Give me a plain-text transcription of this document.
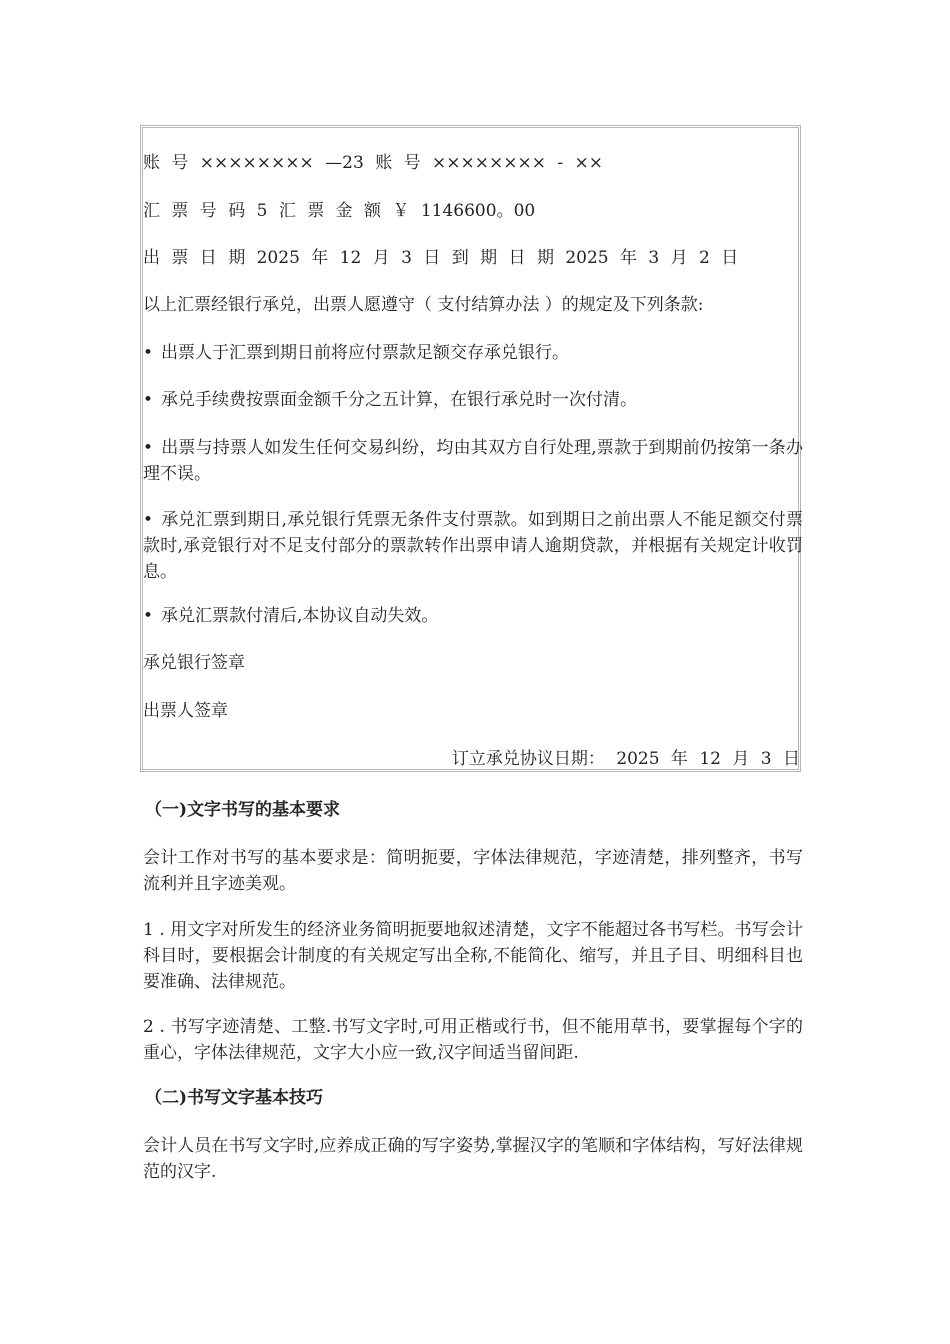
账 号 ×××××××× —23 账 号 ×××××××× - ××
汇 票 号 码 5 汇 票 金 额 ￥ 1146600。00
出 票 日 期 2025 年 12 月 3 日 到 期 日 期 2025 年 3 月 2 日
以上汇票经银行承兑，出票人愿遵守（ 支付结算办法 ）的规定及下列条款:
• 出票人于汇票到期日前将应付票款足额交存承兑银行。
• 承兑手续费按票面金额千分之五计算，在银行承兑时一次付清。
• 出票与持票人如发生任何交易纠纷，均由其双方自行处理,票款于到期前仍按第一条办理不误。
• 承兑汇票到期日,承兑银行凭票无条件支付票款。如到期日之前出票人不能足额交付票款时,承竞银行对不足支付部分的票款转作出票申请人逾期贷款，并根据有关规定计收罚息。
• 承兑汇票款付清后,本协议自动失效。
承兑银行签章
出票人签章
订立承兑协议日期： 2025 年 12 月 3 日
（一)文字书写的基本要求
会计工作对书写的基本要求是：简明扼要，字体法律规范，字迹清楚，排列整齐，书写流利并且字迹美观。
1 . 用文字对所发生的经济业务简明扼要地叙述清楚，文字不能超过各书写栏。书写会计科目时，要根据会计制度的有关规定写出全称,不能简化、缩写，并且子目、明细科目也要准确、法律规范。
2 . 书写字迹清楚、工整.书写文字时,可用正楷或行书，但不能用草书，要掌握每个字的重心，字体法律规范，文字大小应一致,汉字间适当留间距.
（二)书写文字基本技巧
会计人员在书写文字时,应养成正确的写字姿势,掌握汉字的笔顺和字体结构，写好法律规范的汉字.
